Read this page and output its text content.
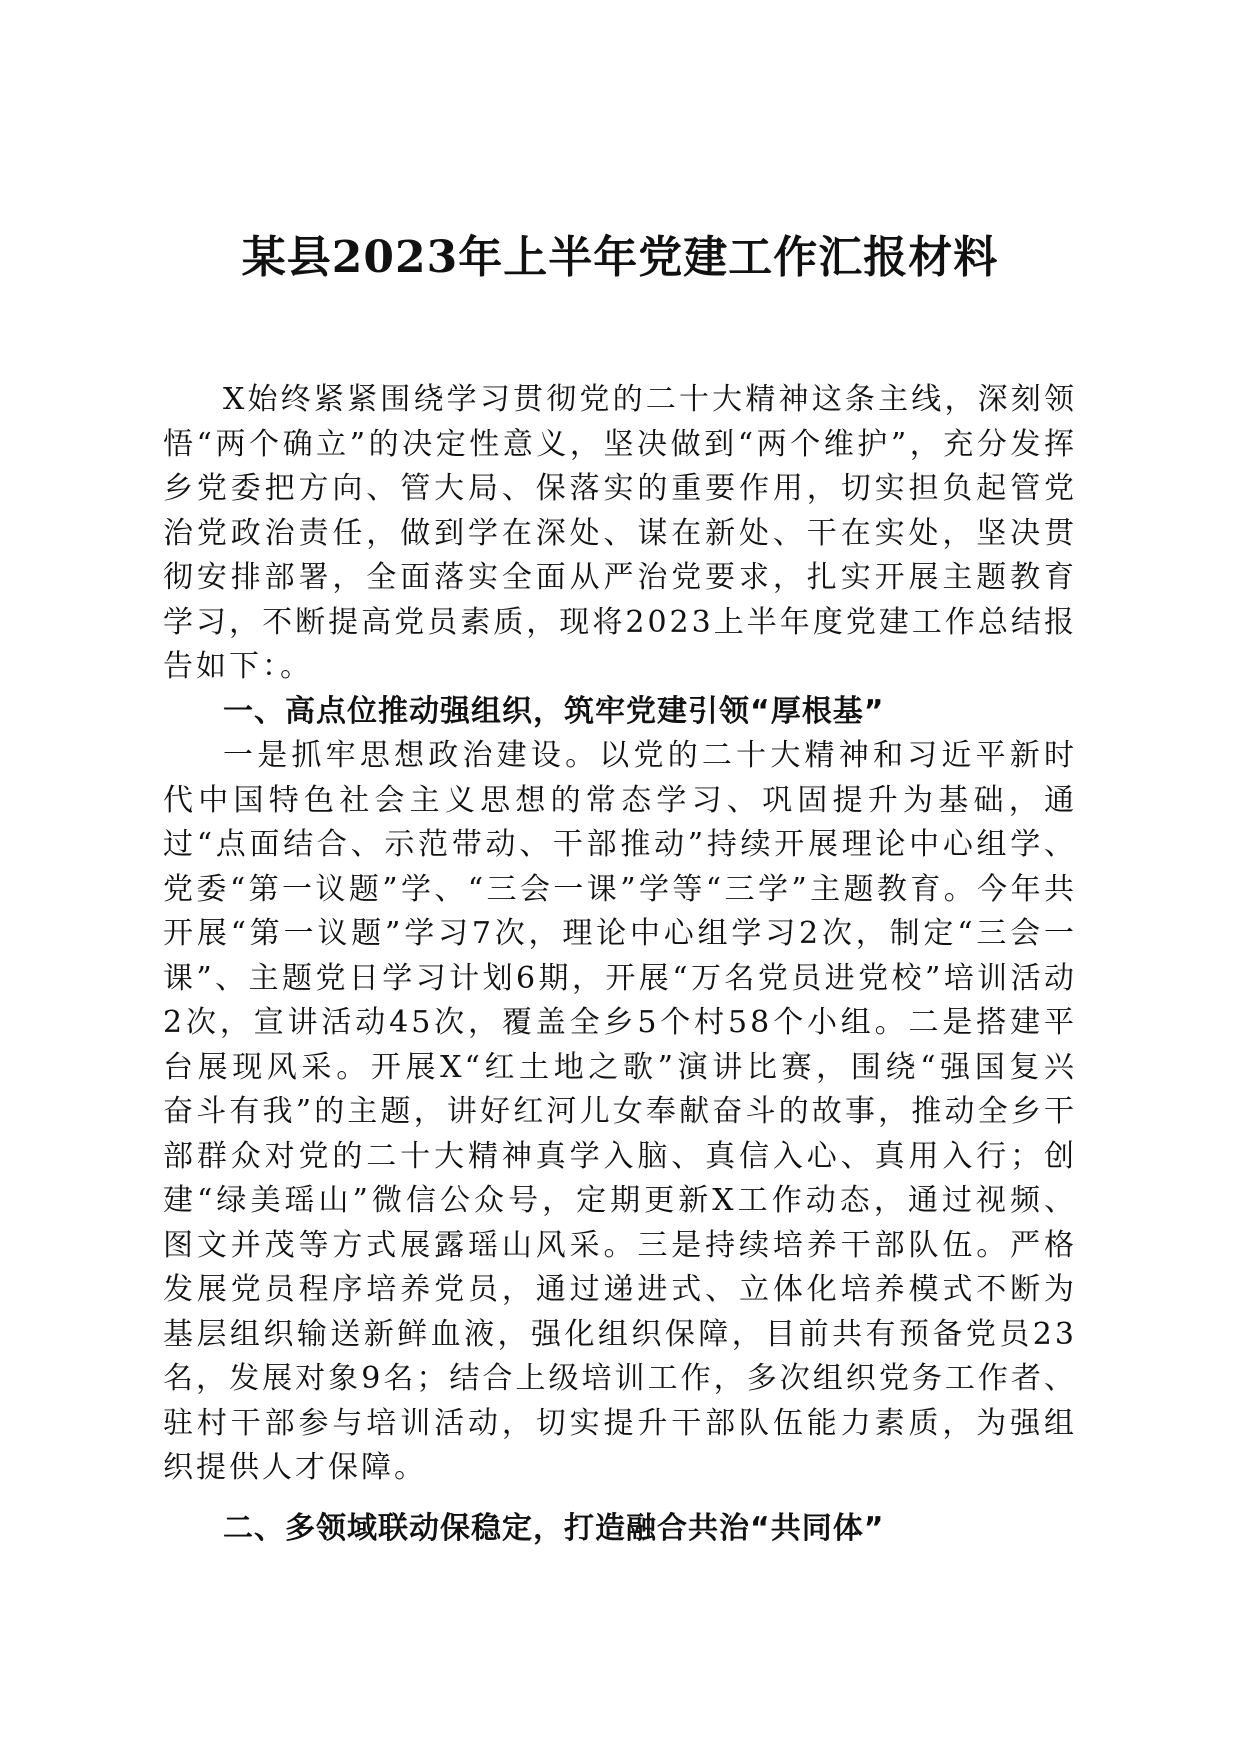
某县2023年上半年党建工作汇报材料

X始终紧紧围绕学习贯彻党的二十大精神这条主线，深刻领悟“两个确立”的决定性意义，坚决做到“两个维护”，充分发挥乡党委把方向、管大局、保落实的重要作用，切实担负起管党治党政治责任，做到学在深处、谋在新处、干在实处，坚决贯彻安排部署，全面落实全面从严治党要求，扎实开展主题教育学习，不断提高党员素质，现将2023上半年度党建工作总结报告如下：。

一、高点位推动强组织，筑牢党建引领“厚根基”

一是抓牢思想政治建设。以党的二十大精神和习近平新时代中国特色社会主义思想的常态学习、巩固提升为基础，通过“点面结合、示范带动、干部推动”持续开展理论中心组学、党委“第一议题”学、“三会一课”学等“三学”主题教育。今年共开展“第一议题”学习7次，理论中心组学习2次，制定“三会一课”、主题党日学习计划6期，开展“万名党员进党校”培训活动2次，宣讲活动45次，覆盖全乡5个村58个小组。二是搭建平台展现风采。开展X“红土地之歌”演讲比赛，围绕“强国复兴 奋斗有我”的主题，讲好红河儿女奉献奋斗的故事，推动全乡干部群众对党的二十大精神真学入脑、真信入心、真用入行；创建“绿美瑶山”微信公众号，定期更新X工作动态，通过视频、图文并茂等方式展露瑶山风采。三是持续培养干部队伍。严格发展党员程序培养党员，通过递进式、立体化培养模式不断为基层组织输送新鲜血液，强化组织保障，目前共有预备党员23名，发展对象9名；结合上级培训工作，多次组织党务工作者、驻村干部参与培训活动，切实提升干部队伍能力素质，为强组织提供人才保障。

二、多领域联动保稳定，打造融合共治“共同体”
